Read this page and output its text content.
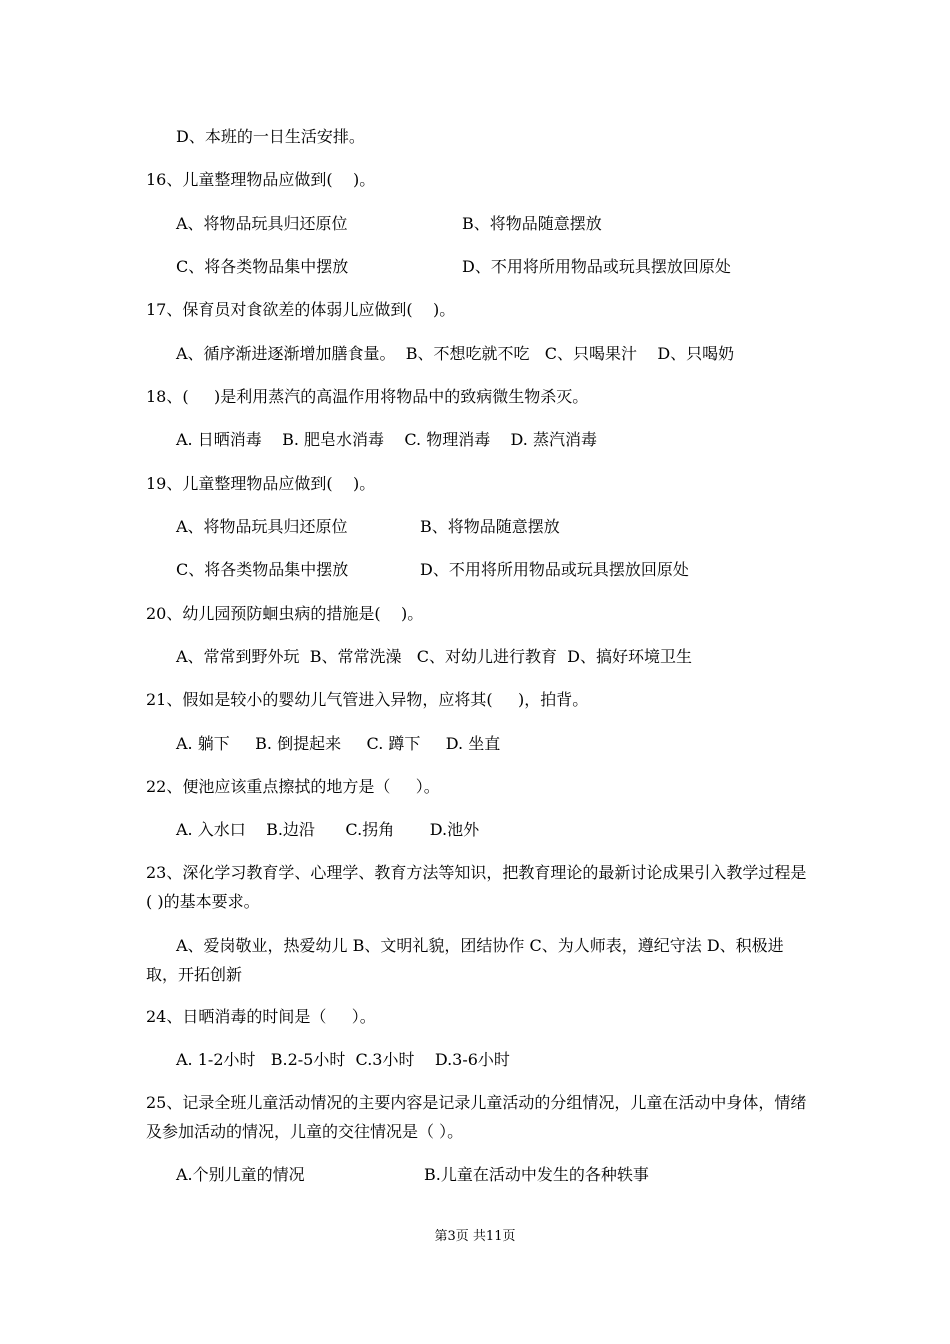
D、本班的一日生活安排。
16、儿童整理物品应做到(    )。
A、将物品玩具归还原位	B、将物品随意摆放
C、将各类物品集中摆放	D、不用将所用物品或玩具摆放回原处
17、保育员对食欲差的体弱儿应做到(    )。
A、循序渐进逐渐增加膳食量。  B、不想吃就不吃   C、只喝果汁    D、只喝奶
18、(     )是利用蒸汽的高温作用将物品中的致病微生物杀灭。
A. 日晒消毒    B. 肥皂水消毒    C. 物理消毒    D. 蒸汽消毒
19、儿童整理物品应做到(    )。
A、将物品玩具归还原位	B、将物品随意摆放
C、将各类物品集中摆放	D、不用将所用物品或玩具摆放回原处
20、幼儿园预防蛔虫病的措施是(    )。
A、常常到野外玩  B、常常洗澡   C、对幼儿进行教育  D、搞好环境卫生
21、假如是较小的婴幼儿气管进入异物，应将其(     )，拍背。
A. 躺下     B. 倒提起来     C. 蹲下     D. 坐直
22、便池应该重点擦拭的地方是（     ）。
A. 入水口    B.边沿      C.拐角       D.池外
23、深化学习教育学、心理学、教育方法等知识，把教育理论的最新讨论成果引入教学过程是( )的基本要求。
A、爱岗敬业，热爱幼儿 B、文明礼貌，团结协作 C、为人师表，遵纪守法 D、积极进取，开拓创新
24、日晒消毒的时间是（     ）。
A. 1-2小时   B.2-5小时  C.3小时    D.3-6小时
25、记录全班儿童活动情况的主要内容是记录儿童活动的分组情况，儿童在活动中身体，情绪及参加活动的情况，儿童的交往情况是（ ）。
A.个别儿童的情况	B.儿童在活动中发生的各种轶事
第3页 共11页
